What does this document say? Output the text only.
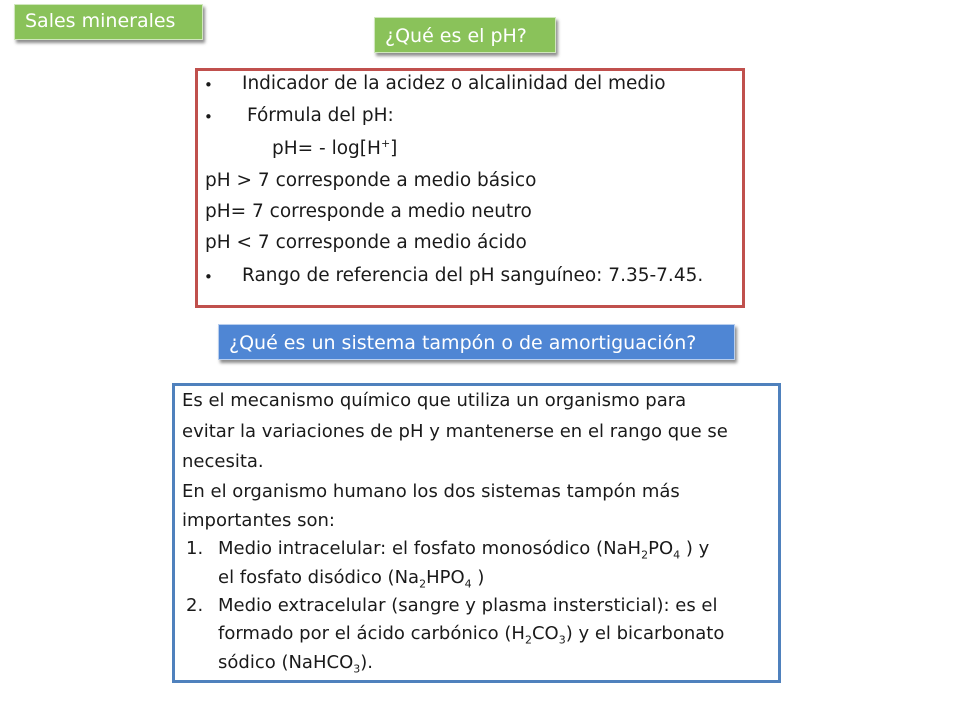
Sales minerales
¿Qué es el pH?
• Indicador de la acidez o alcalinidad del medio
• Fórmula del pH:
pH= - log[H+]
pH > 7 corresponde a medio básico
pH= 7 corresponde a medio neutro
pH < 7 corresponde a medio ácido
• Rango de referencia del pH sanguíneo: 7.35-7.45.
¿Qué es un sistema tampón o de amortiguación?
Es el mecanismo químico que utiliza un organismo para
evitar la variaciones de pH y mantenerse en el rango que se
necesita.
En el organismo humano los dos sistemas tampón más
importantes son:
1. Medio intracelular: el fosfato monosódico ($NaH_2PO_4$ ) y
el fosfato disódico ($Na_2HPO_4$ )
2. Medio extracelular (sangre y plasma instersticial): es el
formado por el ácido carbónico $(H_2CO_3)$ y el bicarbonato
sódico (NaHCO$_3$).
